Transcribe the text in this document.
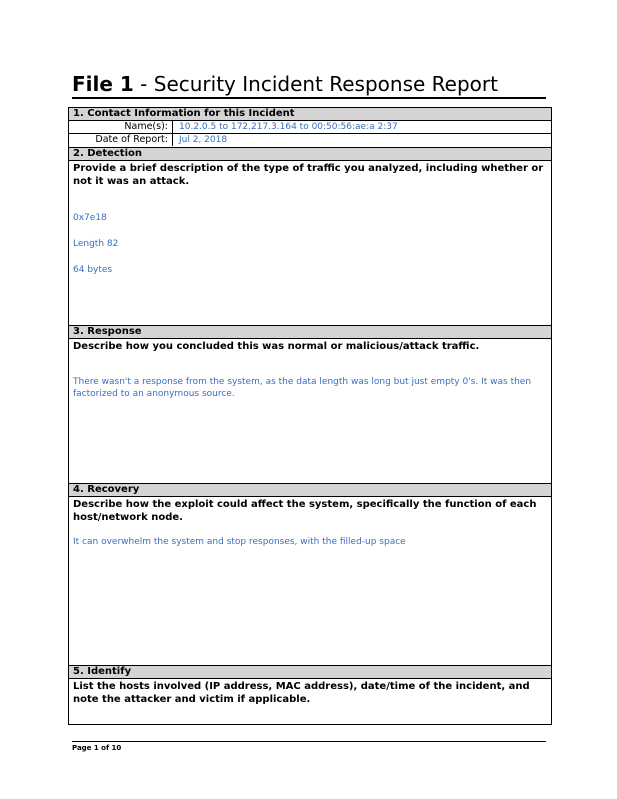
File 1 - Security Incident Response Report
1. Contact Information for this Incident
Name(s):	10.2.0.5 to 172.217.3.164 to 00:50:56:ae:a 2:37
Date of Report:	Jul 2, 2018
2. Detection
Provide a brief description of the type of traffic you analyzed, including whether or not it was an attack.
0x7e18
Length 82
64 bytes
3. Response
Describe how you concluded this was normal or malicious/attack traffic.
There wasn't a response from the system, as the data length was long but just empty 0's. It was then factorized to an anonymous source.
4. Recovery
Describe how the exploit could affect the system, specifically the function of each host/network node.
It can overwhelm the system and stop responses, with the filled-up space
5. Identify
List the hosts involved (IP address, MAC address), date/time of the incident, and note the attacker and victim if applicable.
Page 1 of 10
